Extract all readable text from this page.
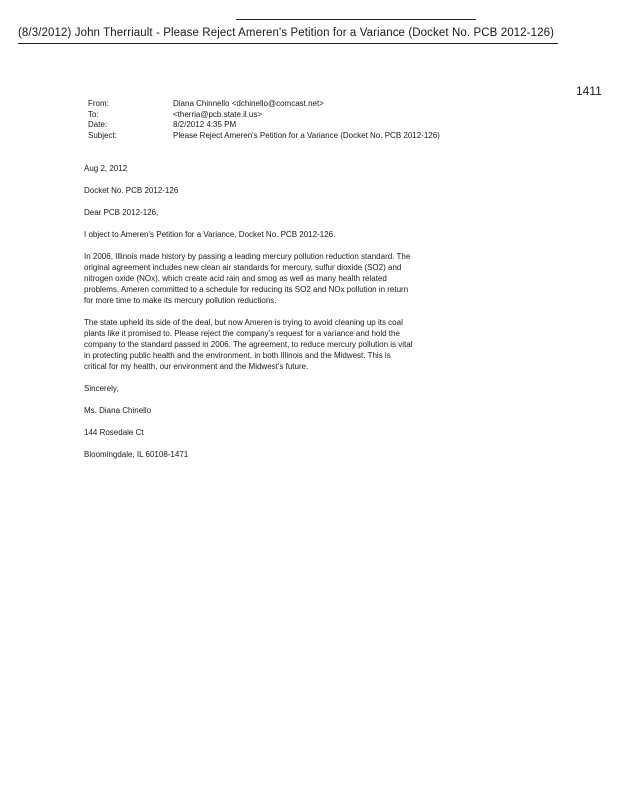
(8/3/2012) John Therriault - Please Reject Ameren's Petition for a Variance (Docket No. PCB 2012-126)
1411
From:	Diana Chinnello <dchinello@comcast.net>
To:	<therria@pcb.state.il.us>
Date:	8/2/2012 4:35 PM
Subject:	Please Reject Ameren's Petition for a Variance (Docket No. PCB 2012-126)

Aug 2, 2012

Docket No. PCB 2012-126

Dear PCB 2012-126,

I object to Ameren's Petition for a Variance, Docket No. PCB 2012-126.

In 2006, Illinois made history by passing a leading mercury pollution reduction standard. The original agreement includes new clean air standards for mercury, sulfur dioxide (SO2) and nitrogen oxide (NOx), which create acid rain and smog as well as many health related problems. Ameren committed to a schedule for reducing its SO2 and NOx pollution in return for more time to make its mercury pollution reductions.

The state upheld its side of the deal, but now Ameren is trying to avoid cleaning up its coal plants like it promised to. Please reject the company's request for a variance and hold the company to the standard passed in 2006. The agreement, to reduce mercury pollution is vital in protecting public health and the environment, in both Illinois and the Midwest. This is critical for my health, our environment and the Midwest's future.

Sincerely,

Ms. Diana Chinello

144 Rosedale Ct

Bloomingdale, IL 60108-1471
